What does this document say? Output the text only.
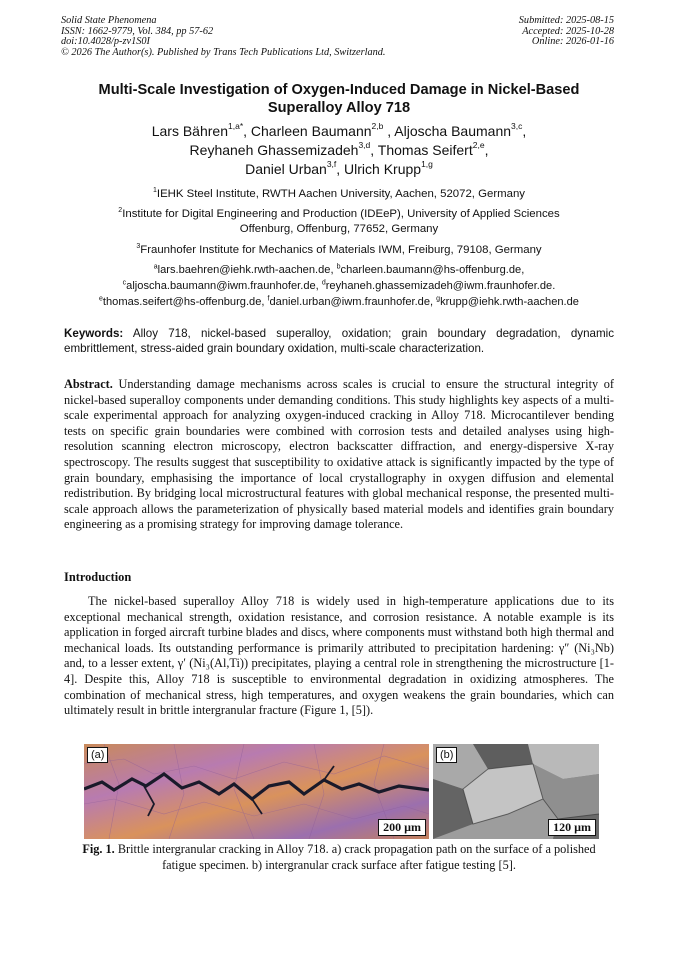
Solid State Phenomena
ISSN: 1662-9779, Vol. 384, pp 57-62
doi:10.4028/p-zv1S0I
© 2026 The Author(s). Published by Trans Tech Publications Ltd, Switzerland.
Submitted: 2025-08-15
Accepted: 2025-10-28
Online: 2026-01-16
Multi-Scale Investigation of Oxygen-Induced Damage in Nickel-Based
Superalloy Alloy 718
Lars Bähren$^{1,a*}$, Charleen Baumann$^{2,b}$ , Aljoscha Baumann$^{3,c}$,
Reyhaneh Ghassemizadeh$^{3,d}$, Thomas Seifert$^{2,e}$,
Daniel Urban$^{3,f}$, Ulrich Krupp$^{1,g}$
$^1$IEHK Steel Institute, RWTH Aachen University, Aachen, 52072, Germany
$^2$Institute for Digital Engineering and Production (IDEeP), University of Applied Sciences Offenburg, Offenburg, 77652, Germany
$^3$Fraunhofer Institute for Mechanics of Materials IWM, Freiburg, 79108, Germany
$^a$lars.baehren@iehk.rwth-aachen.de, $^b$charleen.baumann@hs-offenburg.de,
$^c$aljoscha.baumann@iwm.fraunhofer.de, $^d$reyhaneh.ghassemizadeh@iwm.fraunhofer.de.
$^e$thomas.seifert@hs-offenburg.de, $^f$daniel.urban@iwm.fraunhofer.de, $^g$krupp@iehk.rwth-aachen.de
Keywords: Alloy 718, nickel-based superalloy, oxidation; grain boundary degradation, dynamic embrittlement, stress-aided grain boundary oxidation, multi-scale characterization.
Abstract. Understanding damage mechanisms across scales is crucial to ensure the structural integrity of nickel-based superalloy components under demanding conditions. This study highlights key aspects of a multi-scale experimental approach for analyzing oxygen-induced cracking in Alloy 718. Microcantilever bending tests on specific grain boundaries were combined with corrosion tests and detailed analyses using high-resolution scanning electron microscopy, electron backscatter diffraction, and energy-dispersive X-ray spectroscopy. The results suggest that susceptibility to oxidative attack is significantly impacted by the type of grain boundary, emphasising the importance of local crystallography in oxygen diffusion and elemental redistribution. By bridging local microstructural features with global mechanical response, the presented multi-scale approach allows the parameterization of physically based material models and identifies grain boundary engineering as a promising strategy for improving damage tolerance.
Introduction
The nickel-based superalloy Alloy 718 is widely used in high-temperature applications due to its exceptional mechanical strength, oxidation resistance, and corrosion resistance. A notable example is its application in forged aircraft turbine blades and discs, where components must withstand both high thermal and mechanical loads. Its outstanding performance is primarily attributed to precipitation hardening: γ″ (Ni₃Nb) and, to a lesser extent, γ′ (Ni₃(Al,Ti)) precipitates, playing a central role in strengthening the microstructure [1-4]. Despite this, Alloy 718 is susceptible to environmental degradation in oxidizing atmospheres. The combination of mechanical stress, high temperatures, and oxygen weakens the grain boundaries, which can ultimately result in brittle intergranular fracture (Figure 1, [5]).
(a)
200 µm
(b)
120 µm
Fig. 1. Brittle intergranular cracking in Alloy 718. a) crack propagation path on the surface of a polished fatigue specimen. b) intergranular crack surface after fatigue testing [5].
